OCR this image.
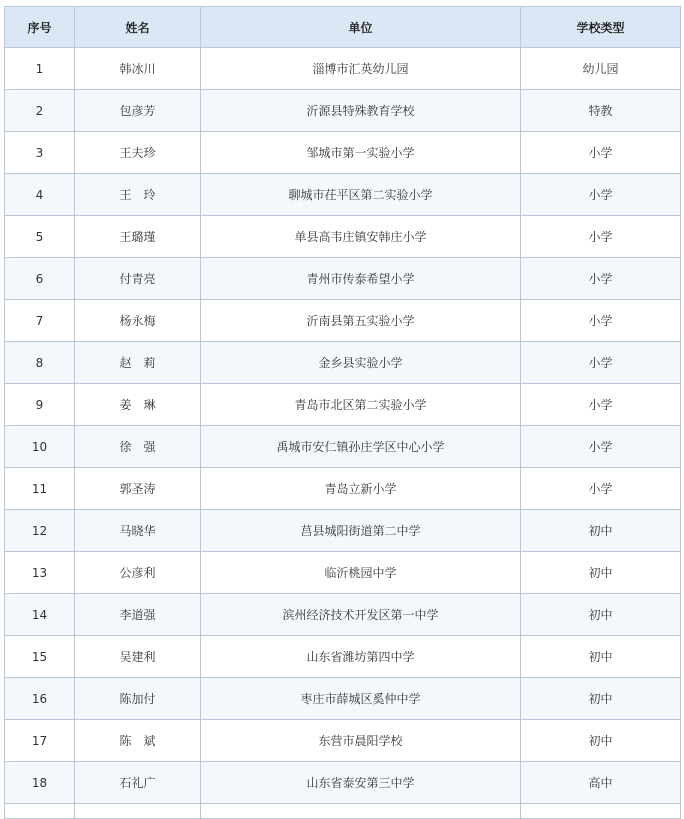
序号	姓名	单位	学校类型
1	韩冰川	淄博市汇英幼儿园	幼儿园
2	包彦芳	沂源县特殊教育学校	特教
3	王夫珍	邹城市第一实验小学	小学
4	王　玲	聊城市茌平区第二实验小学	小学
5	王璐瑾	单县高韦庄镇安韩庄小学	小学
6	付青亮	青州市传泰希望小学	小学
7	杨永梅	沂南县第五实验小学	小学
8	赵　莉	金乡县实验小学	小学
9	姜　琳	青岛市北区第二实验小学	小学
10	徐　强	禹城市安仁镇孙庄学区中心小学	小学
11	郭圣涛	青岛立新小学	小学
12	马晓华	莒县城阳街道第二中学	初中
13	公彦利	临沂桃园中学	初中
14	李道强	滨州经济技术开发区第一中学	初中
15	吴建利	山东省潍坊第四中学	初中
16	陈加付	枣庄市薛城区奚仲中学	初中
17	陈　斌	东营市晨阳学校	初中
18	石礼广	山东省泰安第三中学	高中
